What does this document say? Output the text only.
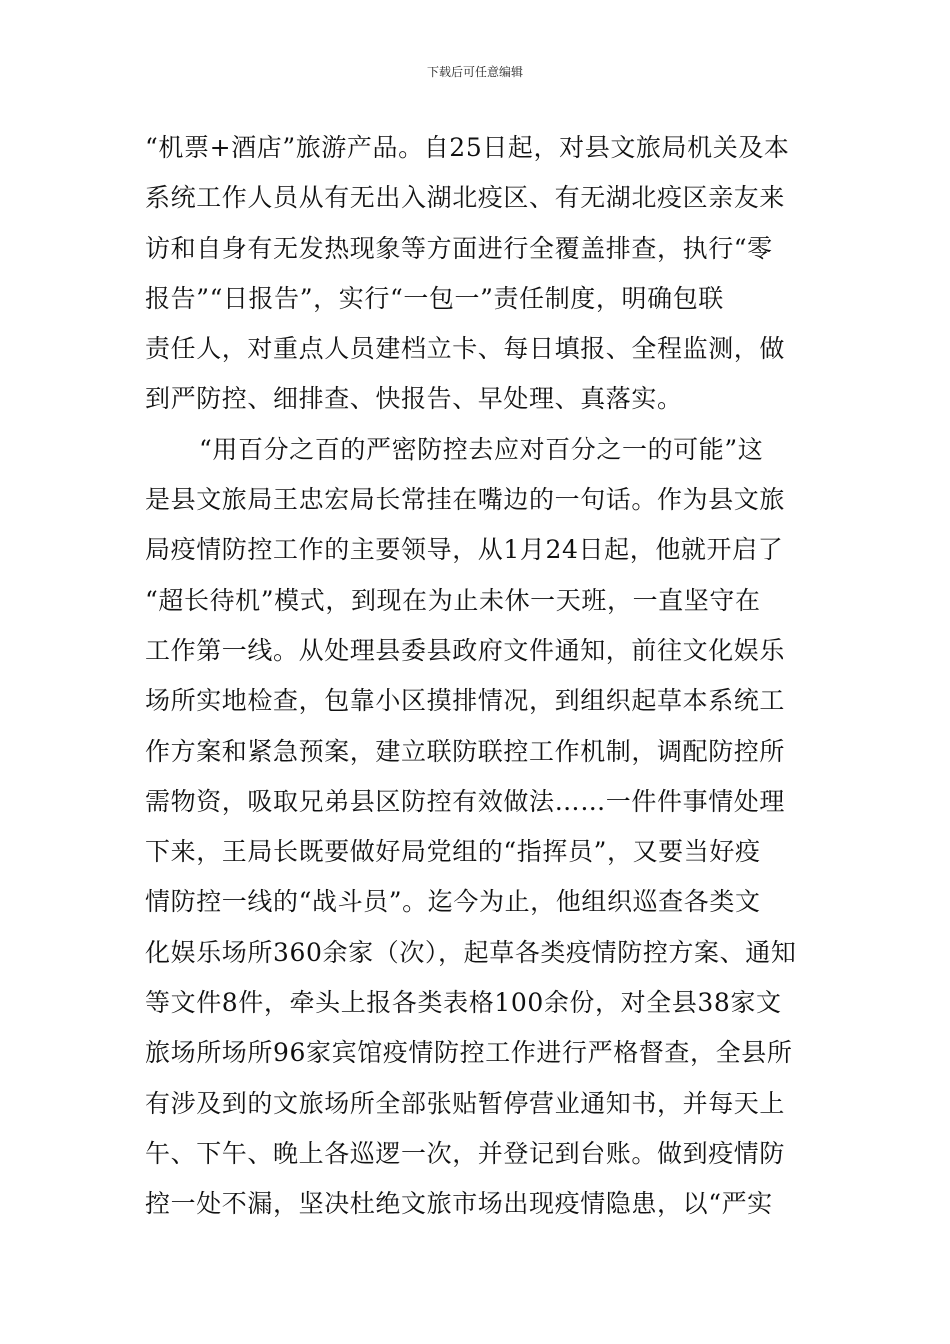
下载后可任意编辑
“机票+酒店”旅游产品。自25日起，对县文旅局机关及本
系统工作人员从有无出入湖北疫区、有无湖北疫区亲友来
访和自身有无发热现象等方面进行全覆盖排查，执行“零
报告”“日报告”，实行“一包一”责任制度，明确包联
责任人，对重点人员建档立卡、每日填报、全程监测，做
到严防控、细排查、快报告、早处理、真落实。
“用百分之百的严密防控去应对百分之一的可能”这
是县文旅局王忠宏局长常挂在嘴边的一句话。作为县文旅
局疫情防控工作的主要领导，从1月24日起，他就开启了
“超长待机”模式，到现在为止未休一天班，一直坚守在
工作第一线。从处理县委县政府文件通知，前往文化娱乐
场所实地检查，包靠小区摸排情况，到组织起草本系统工
作方案和紧急预案，建立联防联控工作机制，调配防控所
需物资，吸取兄弟县区防控有效做法……一件件事情处理
下来，王局长既要做好局党组的“指挥员”，又要当好疫
情防控一线的“战斗员”。迄今为止，他组织巡查各类文
化娱乐场所360余家（次），起草各类疫情防控方案、通知
等文件8件，牵头上报各类表格100余份，对全县38家文
旅场所场所96家宾馆疫情防控工作进行严格督查，全县所
有涉及到的文旅场所全部张贴暂停营业通知书，并每天上
午、下午、晚上各巡逻一次，并登记到台账。做到疫情防
控一处不漏，坚决杜绝文旅市场出现疫情隐患，以“严实
